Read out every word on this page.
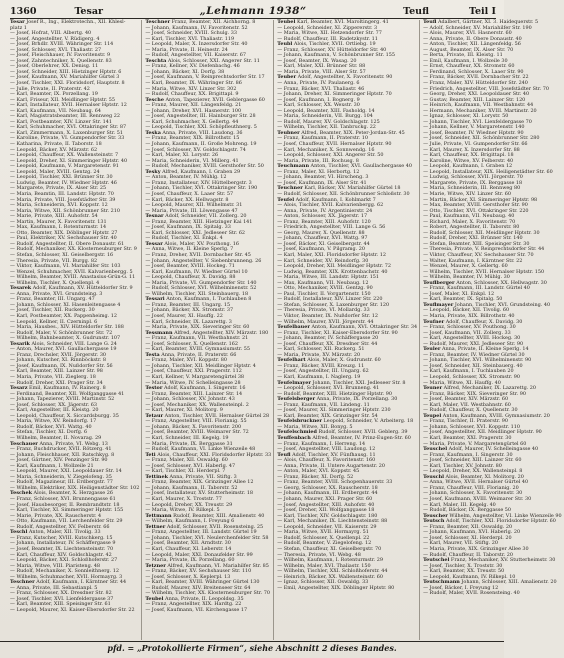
1360	Tesar	„Lehmann 1938“	Teufl	Teil I
Tesar Josef R., Ing., Elektrotechn., XII. Khlesl-
platz 1
— Josef, Hofrat, VIII. Albertg. 40
— Josef, Angestellter, V. Rüdigerg. 4
— Josef, Brhdlr. XVIII. Währinger Str. 114
— Josef, Schlosser, XVI. Thaliastr. 27
— Josef, Fleischhauer, IV. Favoritenstr. 9
— Josef, Zahntechniker, X. Quellenstr. 83
— Josef, Oberlehrer, XX. Denisg. 11
— Josef, Schneider, XIII. Hietzinger Hptstr. 6
— Josef, Kaufmann, XV. Mariahilfer Gürtel 3
— Josef, Tischler, XXI. Floridsdorf, Hauptstr. 8
— Julie, Private, II. Praterstr. 42
— Karl, Beamter, IX. Porzellang. 19
— Karl, Friseur, XII. Meidlinger Hptstr. 55
— Karl, Installateur, XVII. Hernalser Hptstr. 12
— Karl, Kaufmann, VII. Neubaug. 64
— Karl, Magistratsbeamter, III. Rennweg 22
— Karl, Postbeamter, XIV. Linzer Str. 141
— Karl, Schuhmacher, XVI. Ottakringer Str. 87
— Karl, Zimmermann, X. Laxenburger Str. 51
— Karoline, Private, VI. Gumpendorfer Str. 33
— Katharina, Private, II. Taborstr. 18
— Leopold, Bäcker, XV. Märzstr. 62
— Leopold, Chauffeur, XX. Wallensteinstr. 7
— Leopold, Dreher, XI. Simmeringer Hptstr. 40
— Leopold, Kaufmann, V. Margaretenstr. 91
— Leopold, Maler, XVIII. Gentzg. 24
— Leopold, Tischler, XXI. Brünner Str. 30
— Ludwig, Beamter, IV. Wiedner Hptstr. 46
— Margarete, Private, IX. Alser Str. 25
— Maria, Beamtin, III. Landstr. Hptstr. 70
— Maria, Private, VIII. Josefstädter Str. 39
— Maria, Schneiderin, XVI. Koppstr. 12
— Maria, Witwe, XII. Schönbrunner Str. 210
— Marie, Private, XIII. Auhofstr. 54
— Martin, Maurer, X. Favoritenstr. 131
— Max, Kaufmann, I. Rotenturmstr. 14
— Otto, Beamter, XIX. Döblinger Hptstr. 27
— Paul, Elektriker, XV. Sechshauser Str. 40
— Rudolf, Angestellter, II. Obere Donaustr. 61
— Rudolf, Mechaniker, XX. Klosterneuburger Str. 9
— Stefan, Schlosser, XI. Geiselbergstr. 16
— Theresia, Private, VII. Burgg. 82
— Viktor, Kaufmann, VI. Mariahilfer Str. 103
— Wenzel, Schuhmacher, XVII. Kalvarienbergg. 5
— Wilhelm, Beamter, XVIII. Anastasius-Grün-G. 11
— Wilhelm, Tischler, X. Quellenpl. 4
Tesarek Adolf, Kaufmann, XV. Hütteldorfer Str. 9
— Anna, Private, XVI. Grundsteing. 3
— Franz, Beamter, III. Ungarg. 47
— Johann, Schlosser, XI. Hasenleitengasse 4
— Josef, Tischler, XII. Ruckerg. 30
— Karl, Postbeamter, XX. Pappenheimg. 12
— Leopold, Kellner, II. Czerninpl. 6
— Maria, Hausbes., XIV. Hütteldorfer Str. 188
— Rudolf, Maler, V. Schönbrunner Str. 72
— Wilhelm, Bahnbeamter, X. Gudrunstr. 107
Tesarik Alois, Schneider, VIII. Lange G. 24
— Anton, Maurer, XVI. Gaullachergasse 19
— Franz, Drechsler, XVII. Jörgerstr. 30
— Johann, Kutscher, XI. Rinnböckstr. 8
— Josef, Kaufmann, IX. Nußdorfer Str. 56
— Karl, Beamter, XIII. Lainzer Str. 98
— Maria, Private, VII. Zieglerg. 18
— Rudolf, Dreher, XXI. Prager Str. 34
Tesarz Emil, Kaufmann, IV. Rainerg. 8
— Ferdinand, Beamter, XII. Wolfganggasse 41
— Johann, Tapezierer, XVIII. Martinstr. 52
— Josef, Schlosser, XX. Jägerstr. 63
— Karl, Angestellter, III. Kleistg. 20
— Leopold, Chauffeur, X. Siccardsburgg. 35
— Maria, Witwe, XV. Reindorfg. 17
— Rudolf, Bäcker, XVI. Wattg. 40
— Stefan, Tischler, XI. Dorfg. 6
— Wilhelm, Beamter, II. Novarag. 29
Teschauer Anna, Private, VI. Webg. 13
— Franz, Buchdrucker, XVII. Rötzerg. 41
— Johann, Fleischhauer, XII. Ratschkyg. 8
— Josef, Gärtner, XIV. Penzinger Str. 90
— Karl, Kaufmann, I. Wollzeile 21
— Leopold, Maurer, XXI. Leopoldauer Str. 14
— Maria, Schneiderin, V. Ziegelofeng. 35
— Rudolf, Magazineur, III. Erdbergstr. 77
— Wilhelm, Elektriker, XIX. Heiligenstädter Str. 102
Teschek Alois, Beamter, X. Herzgasse 26
— Franz, Schlosser, XVI. Brunnengasse 61
— Josef, Hausbesorger, II. Rembrandtstr. 18
— Karl, Tischler, XI. Simmeringer Hptstr. 155
— Marie, Private, XX. Rauscherstr. 4
— Otto, Kaufmann, VII. Lerchenfelder Str. 29
— Rudolf, Angestellter, XV. Felberstr. 66
Teschl Anton, Maler, XII. Tivolig. 33
— Franz, Kutscher, XVIII. Kutschkerg. 15
— Johann, Installateur, IV. Schäffergasse 9
— Josef, Beamter, IX. Liechtensteinstr. 70
— Karl, Chauffeur, XIV. Goldschlagstr. 42
— Leopold, Bäcker, XXI. Schloßhoferstr. 27
— Maria, Witwe, VIII. Piaristeng. 48
— Rudolf, Mechaniker, X. Sonnleithnerg. 12
— Wilhelm, Schuhmacher, XVII. Hormayrg. 3
Teschner Adolf, Kaufmann, I. Kärntner Str. 44
— Anna, Private, III. Sebastianpl. 5
— Franz, Schlosser, XX. Dresdner Str. 82
— Josef, Tischler, XVI. Lienfeldergasse 37
— Karl, Beamter, XIII. Speisinger Str. 61
— Leopold, Maurer, XI. Kaiser-Ebersdorfer Str. 22
Teschner Franz, Beamter, XII. Aichhorng. 8
— Johann, Kaufmann, IV. Favoritenstr. 52
— Josef, Schneider, XVIII. Schulg. 33
— Karl, Tischler, XVI. Thaliastr. 119
— Leopold, Maler, X. Inzersdorfer Str. 40
— Maria, Private, II. Heinestr. 24
— Rudolf, Angestellter, VII. Kaiserstr. 67
Teschta Alois, Schlosser, XXI. Angerer Str. 11
— Franz, Kellner, XV. Diefenbachg. 46
— Johann, Bäcker, XI. Dorfg. 38
— Josef, Kaufmann, V. Reinprechtsdorfer Str. 17
— Karl, Beamter, IX. Währinger Str. 86
— Maria, Witwe, XIV. Linzer Str. 302
— Rudolf, Chauffeur, XX. Brigittapl. 9
Tesche Anton, Tapezierer, XVII. Geblergasse 60
— Franz, Maurer, XII. Längenfeldg. 21
— Johann, Dreher, XVI. Hasnerstr. 100
— Josef, Angestellter, III. Hainburger Str. 28
— Karl, Schuhmacher, X. Gellertg. 44
— Leopold, Tischler, XXI. Schöpfleuthnerg. 5
Teska Anna, Private, VIII. Laudong. 36
— Franz, Beamter, XIX. Billrothstr. 15
— Johann, Kaufmann, II. Große Mohreng. 19
— Josef, Schlosser, XV. Goldschlagstr. 74
— Karl, Maler, XI. Lorystr. 26
— Maria, Schneiderin, VI. Millerg. 41
— Rudolf, Mechaniker, XVIII. Gersthofer Str. 50
Tesky Alfred, Kaufmann, I. Graben 29
— Anton, Beamter, IV. Mühlg. 12
— Franz, Installateur, XIV. Hüttelbergstr. 3
— Johann, Tischler, XVI. Ottakringer Str. 190
— Josef, Chauffeur, X. Laaer Str. 57
— Karl, Bäcker, XX. Hellwagstr. 8
— Leopold, Maurer, XII. Wilhelmstr. 31
— Maria, Private, III. Löwengasse 47
Tesnar Adolf, Schneider, VII. Zollerg. 20
— Franz, Beamter, XIII. Hietzinger Kai 141
— Josef, Kaufmann, IX. Spitalg. 33
— Karl, Schlosser, XXI. Jedleseer Str. 62
— Rudolf, Tischler, XI. Enkpl. 4
Tessar Alois, Maler, XV. Pouthong. 16
— Anna, Witwe, II. Kleine Sperlg. 7
— Franz, Dreher, XVII. Dornbacher Str. 45
— Johann, Angestellter, V. Siebenbrunneng. 26
— Josef, Beamter, XVIII. Hockeg. 71
— Karl, Kaufmann, IV. Wiedner Gürtel 10
— Leopold, Chauffeur, X. Davidg. 88
— Maria, Private, VI. Gumpendorfer Str. 140
— Rudolf, Schlosser, XVI. Wilhelminenstr. 52
— Wilhelm, Tischler, XII. Steinbauerg. 18
Tessari Anton, Kaufmann, I. Tuchlauben 8
— Franz, Beamter, III. Ungarg. 15
— Johann, Bäcker, XX. Stromstr. 37
— Josef, Maurer, XI. Hauffg. 22
— Karl, Schneider, IX. Lazarettg. 3
— Maria, Private, XIX. Sieveringer Str. 60
Tessmann Alfred, Angestellter, XIV. Märzstr. 180
— Franz, Kaufmann, VII. Westbahnstr. 21
— Josef, Schlosser, X. Quellenstr. 162
— Karl, Beamter, XVIII. Gymnasiumstr. 55
Testa Anna, Private, II. Praterstr. 66
— Franz, Maler, XVI. Koppstr. 80
— Johann, Tischler, XII. Meidlinger Hptstr. 4
— Josef, Chauffeur, XXI. Pragerstr. 112
— Karl, Kellner, V. Margaretengürtel 38
— Maria, Witwe, IV. Schelleingasse 28
Testor Adolf, Kaufmann, I. Singerstr. 16
— Franz, Beamter, XIII. Lainzer Str. 14
— Johann, Schlosser, XV. Johnstr. 43
— Josef, Mechaniker, XX. Wallensteinpl. 2
— Karl, Maurer, XI. Molitorg. 9
Tetaur Anton, Tischler, XVII. Hernalser Gürtel 28
— Franz, Angestellter, VIII. Florianig. 55
— Johann, Bäcker, X. Favoritenstr. 200
— Josef, Beamter, XVIII. Weimarer Str. 72
— Karl, Schneider, III. Kegelg. 19
— Maria, Private, IX. Berggasse 31
— Rudolf, Kaufmann, VI. Linke Wienzeile 48
Teti Alois, Chauffeur, XXI. Floridsdorfer Hptstr. 33
— Franz, Maler, XII. Oswaldg. 60
— Josef, Schlosser, XVI. Haberlg. 47
— Karl, Tischler, XI. Herderpl. 7
Tettinek Anna, Private, VII. Stiftg. 3
— Franz, Beamter, XIX. Grinzinger Allee 12
— Johann, Kaufmann, II. Taborstr. 52
— Josef, Installateur, XV. Stutterheimstr. 18
— Karl, Maurer, X. Troststr. 77
— Leopold, Dreher, XX. Treustr. 29
— Maria, Witwe, IV. Rilkepl. 5
Tettmann Rudolf, Beamter, XIII. Amalienstr. 40
— Wilhelm, Kaufmann, I. Freyung 6
Tettner Adolf, Schlosser, XVII. Rosensteing. 25
— Franz, Angestellter, III. Landstr. Gürtel 19
— Johann, Tischler, XVI. Neulerchenfelder Str. 58
— Josef, Beamter, XII. Arndtstr. 30
— Karl, Chauffeur, XI. Leberstr. 14
— Leopold, Maler, XXI. Donaufelder Str. 99
— Maria, Private, IX. Porzellang. 60
Tetzner Alfred, Kaufmann, VI. Mariahilfer Str. 85
— Franz, Bäcker, XV. Sechshauser Str. 110
— Josef, Schlosser, X. Keplerpl. 13
— Karl, Beamter, XVIII. Währinger Gürtel 130
— Rudolf, Maurer, XIV. Breitenseer Str. 64
— Wilhelm, Tischler, XX. Klosterneuburger Str. 70
Teubel Anna, Private, II. Leopoldsg. 35
— Franz, Angestellter, XIX. Hardtg. 22
— Josef, Kaufmann, VII. Kirchengasse 17
Teubel Karl, Beamter, XVI. Maroltingerg. 41
— Leopold, Schneider, XI. Zippererstr. 3
— Maria, Witwe, XII. Hetzendorfer Str. 77
— Rudolf, Chauffeur, III. Radetzkystr. 11
Teubl Alois, Tischler, XVII. Ortliebg. 19
— Franz, Schlosser, XV. Hütteldorfer Str. 40
— Johann, Kaufmann, V. Schönbrunner Str. 155
— Josef, Beamter, IX. Wasag. 20
— Karl, Maler, XXI. Brünner Str. 88
— Maria, Private, VIII. Alser Str. 57
Teuber Adolf, Angestellter, X. Favoritenstr. 90
— Anna, Private, IV. Paulanerg. 6
— Franz, Bäcker, XVI. Thaliastr. 46
— Johann, Dreher, XI. Simmeringer Hptstr. 70
— Josef, Kaufmann, I. Bognerg. 9
— Karl, Schlosser, XX. Wexstr. 30
— Leopold, Beamter, XIII. Fasholdg. 14
— Maria, Schneiderin, VII. Burgg. 104
— Rudolf, Maurer, XV. Goldschlagstr. 125
— Wilhelm, Tischler, XII. Tanbruckg. 22
Teubner Alfred, Beamter, XIX. Peter-Jordan-Str. 45
— Franz, Kaufmann, II. Praterstr. 10
— Josef, Chauffeur, XVII. Hernalser Hptstr. 90
— Karl, Mechaniker, X. Sonnwendg. 16
— Leopold, Schlosser, XXI. Angerer Str. 50
— Maria, Private, III. Rochusg. 8
Teuchmann Anton, Tischler, XVI. Gaullachergasse 40
— Franz, Maler, XI. Herbortg. 12
— Johann, Beamter, VI. Hirscheng. 3
— Josef, Kaufmann, IX. Alser Str. 41
Teuchner Karl, Bäcker, XV. Mariahilfer Gürtel 18
— Rudolf, Schlosser, XII. Schönbrunner Schloßstr. 30
Teufel Adolf, Kaufmann, I. Kohlmarkt 7
— Alois, Tischler, XVII. Kalvarienbergg. 62
— Anna, Private, IV. Argentinierstr. 24
— Anton, Schlosser, XX. Jägerstr. 17
— Franz, Beamter, XIII. Auhofstr. 120
— Friedrich, Angestellter, VIII. Lange G. 56
— Georg, Maurer, X. Quellenstr. 88
— Johann, Chauffeur, XVI. Wattg. 97
— Josef, Bäcker, XI. Geiselbergstr. 44
— Josef, Kaufmann, V. Pilgramg. 20
— Karl, Maler, XXI. Floridsdorfer Hptstr. 12
— Karl, Schneider, XV. Reindorfg. 30
— Leopold, Dreher, XII. Meidlinger Hptstr. 72
— Ludwig, Beamter, XIX. Krottenbachstr. 40
— Maria, Witwe, III. Landstr. Hptstr. 151
— Max, Kaufmann, VII. Neubaug. 12
— Otto, Mechaniker, XVIII. Gentzg. 90
— Paul, Tischler, II. Vorgartenstr. 150
— Rudolf, Installateur, XIV. Linzer Str. 220
— Stefan, Schlosser, X. Laxenburger Str. 120
— Theresia, Private, VI. Mollardg. 33
— Viktor, Beamter, IX. Nußdorfer Str. 12
— Wilhelm, Maurer, XVII. Jörgerstr. 44
Teufelbauer Anton, Kaufmann, XVI. Ottakringer Str. 34
— Franz, Tischler, XI. Kaiser-Ebersdorfer Str. 90
— Johann, Beamter, IV. Schäffergasse 20
— Josef, Chauffeur, XX. Dresdner Str. 44
— Karl, Schlosser, XII. Ruckerg. 51
— Maria, Private, XV. Märzstr. 20
Teufelhart Alois, Maler, X. Gudrunstr. 60
— Franz, Bäcker, XVIII. Kreuzg. 11
— Josef, Angestellter, III. Ungarg. 62
— Karl, Kaufmann, I. Naglerg. 19
Teufelmayer Johann, Tischler, XXI. Jedleseer Str. 8
— Leopold, Schlosser, XVI. Brunneng. 41
— Rudolf, Beamter, XIII. Hietzinger Hptstr. 90
Teufelsberger Anna, Private, IX. Porzellang. 30
— Franz, Kaufmann, VII. Lindeng. 11
— Josef, Maurer, XI. Simmeringer Hptstr. 230
— Karl, Beamter, XIX. Grinzinger Str. 54
Teufelsbruckner Leopold, Schneider, V. Arbeiterg. 18
— Maria, Witwe, XII. Bonyg. 5
Teufelschmied Rudolf, Schlosser, XVII. Geblerg. 39
Teuffenbach Alfred, Beamter, IV. Prinz-Eugen-Str. 60
— Franz, Kaufmann, I. Herreng. 14
— Josef, Angestellter, VIII. Laudong. 12
Teufl Adolf, Tischler, XV. Fünfhausg. 11
— Alois, Chauffeur, X. Favoritenstr. 160
— Anna, Private, II. Untere Augartenstr. 20
— Anton, Maler, XVI. Koppstr. 45
— Franz, Bäcker, XI. Dorfg. 52
— Franz, Beamter, XVIII. Schopenhauerstr. 33
— Georg, Schlosser, XX. Rauscherstr. 18
— Johann, Kaufmann, III. Erdbergstr. 44
— Johann, Maurer, XXI. Prager Str. 60
— Josef, Angestellter, XIII. Auhofstr. 40
— Josef, Dreher, XII. Wolfganggasse 18
— Karl, Tischler, XIV. Goldschlagstr. 180
— Karl, Mechaniker, IX. Liechtensteinstr. 88
— Leopold, Schneider, VII. Kaiserstr. 29
— Maria, Witwe, XVII. Hormayrg. 51
— Rudolf, Schlosser, X. Quellenpl. 22
— Rudolf, Beamter, V. Ziegelofeng. 12
— Stefan, Chauffeur, XI. Geiselbergstr. 70
— Theresia, Private, VI. Webg. 48
— Wilhelm, Kaufmann, I. Rotenturmstr. 29
— Wilhelm, Maler, XVI. Thaliastr. 150
— Wilhelm, Tischler, XXI. Schloßhoferstr. 44
— Heinrich, Bäcker, XX. Wallensteinstr. 60
— Ignaz, Schlosser, XII. Oswaldg. 33
— Emil, Angestellter, XIX. Döblinger Hptstr. 80
Teufl Adalbert, Gärtner, XI. 3. Haidequerstr. 5
— Adolf, Schneider, XV. Mariahilfer Str. 190
— Alois, Maurer, XVI. Hasnerstr. 60
— Anna, Private, II. Obere Donaustr. 40
— Anton, Tischler, XII. Längenfeldg. 56
— August, Beamter, IX. Alser Str. 70
— Berta, Private, III. Kleistg. 11
— Emil, Kaufmann, I. Wollzeile 30
— Ernst, Chauffeur, XX. Stromstr. 60
— Ferdinand, Schlosser, X. Laaer Str. 90
— Franz, Bäcker, XVII. Dornbacher Str. 22
— Franz, Maler, XIV. Hütteldorfer Str. 240
— Friedrich, Angestellter, VIII. Josefstädter Str. 70
— Georg, Dreher, XXI. Leopoldauer Str. 40
— Gustav, Beamter, XIII. Lainzer Str. 120
— Heinrich, Kaufmann, VII. Westbahnstr. 44
— Hermann, Mechaniker, XVIII. Martinstr. 20
— Ignaz, Schlosser, XI. Lorystr. 50
— Johann, Tischler, XVI. Lienfeldergasse 70
— Johann, Kellner, V. Margaretenstr. 140
— Josef, Beamter, IV. Wiedner Hptstr. 90
— Josef, Schneider, XII. Schönbrunner Str. 280
— Julie, Private, VI. Gumpendorfer Str. 66
— Karl, Maurer, X. Inzersdorfer Str. 88
— Karl, Chauffeur, XX. Brigittapl. 18
— Karoline, Witwe, XV. Felberstr. 40
— Leopold, Kaufmann, I. Graben 12
— Leopold, Installateur, XIX. Heiligenstädter Str. 60
— Ludwig, Schlosser, XVII. Jörgerstr. 70
— Margarete, Private, IX. Berggasse 18
— Maria, Schneiderin, III. Rennweg 80
— Marie, Witwe, XIV. Linzer Str. 60
— Martin, Bäcker, XI. Simmeringer Hptstr. 98
— Max, Beamter, XVIII. Gersthofer Str. 90
— Otto, Tischler, XVI. Ottakringer Str. 220
— Paul, Kaufmann, VII. Neubaug. 40
— Richard, Maler, X. Favoritenstr. 70
— Robert, Angestellter, II. Taborstr. 80
— Rudolf, Schlosser, XII. Meidlinger Hptstr. 30
— Rudolf, Dreher, XXI. Brünner Str. 140
— Stefan, Beamter, XIII. Speisinger Str. 30
— Theresia, Private, V. Reinprechtsdorfer Str. 44
— Viktor, Chauffeur, XV. Sechshauser Str. 70
— Walter, Kaufmann, I. Kärntner Str. 22
— Wenzel, Maurer, X. Gellertg. 60
— Wilhelm, Tischler, XVII. Hernalser Hptstr. 150
— Wilhelm, Beamter, IV. Mühlg. 30
Teuflberger Anton, Schlosser, XX. Hellwagstr. 30
— Franz, Kaufmann, III. Landstr. Gürtel 40
— Josef, Maler, XI. Enkpl. 12
— Karl, Beamter, IX. Spitalg. 50
Teuflmayer Johann, Tischler, XVI. Grundsteing. 40
— Leopold, Bäcker, XII. Tivolig. 60
— Maria, Private, XIX. Billrothstr. 40
Teufner Adolf, Chauffeur, X. Davidg. 30
— Franz, Schlosser, XV. Pouthong. 30
— Josef, Kaufmann, VII. Zollerg. 33
— Karl, Angestellter, XVIII. Hockeg. 30
— Rudolf, Maurer, XXI. Jedleseer Str. 90
Teuler Anna, Private, II. Kleine Sperlg. 14
— Franz, Beamter, IV. Wiedner Gürtel 30
— Johann, Tischler, XVI. Wilhelminenstr. 90
— Josef, Schneider, XII. Steinbauerg. 40
— Karl, Kaufmann, I. Tuchlauben 20
— Leopold, Schlosser, XX. Stromstr. 90
— Maria, Witwe, XI. Hauffg. 40
Teuner Alfred, Mechaniker, IX. Lazarettg. 20
— Franz, Bäcker, XIX. Sieveringer Str. 90
— Josef, Beamter, XIV. Märzstr. 60
— Karl, Maler, VII. Westbahnstr. 60
— Rudolf, Chauffeur, X. Quellenstr. 30
Teupel Anton, Kaufmann, XVIII. Gymnasiumstr. 20
— Franz, Tischler, II. Praterstr. 90
— Johann, Schlosser, XVI. Koppstr. 110
— Josef, Angestellter, XII. Meidlinger Hptstr. 90
— Karl, Beamter, XXI. Pragerstr. 30
— Maria, Private, V. Margaretengürtel 60
Teuschel Adolf, Maurer, IV. Schelleingasse 40
— Franz, Kaufmann, I. Singerstr. 30
— Josef, Schneider, XIII. Lainzer Str. 60
— Karl, Tischler, XV. Johnstr. 80
— Leopold, Dreher, XX. Wallensteinpl. 8
Teuschl Alois, Beamter, XI. Molitorg. 20
— Anna, Witwe, XVII. Hernalser Gürtel 40
— Franz, Chauffeur, VIII. Florianig. 20
— Johann, Schlosser, X. Favoritenstr. 30
— Josef, Kaufmann, XVIII. Weimarer Str. 30
— Karl, Maler, III. Kegelg. 40
— Rudolf, Bäcker, IX. Berggasse 50
Teuscher Wilhelm, Angestellter, VI. Linke Wienzeile 90
Teutsch Adolf, Tischler, XXI. Floridsdorfer Hptstr. 60
— Franz, Beamter, XII. Oswaldg. 20
— Johann, Kaufmann, XVI. Haberlg. 20
— Josef, Schlosser, XI. Herderpl. 20
— Karl, Maurer, VII. Stiftg. 20
— Maria, Private, XIX. Grinzinger Allee 30
— Rudolf, Chauffeur, II. Taborstr. 20
Teutschel Franz, Mechaniker, XV. Stutterheimstr. 30
— Josef, Tischler, X. Troststr. 30
— Karl, Beamter, XX. Treustr. 50
— Leopold, Kaufmann, IV. Rilkepl. 10
Teutschmann Johann, Schlosser, XIII. Amalienstr. 20
— Josef, Bäcker, I. Freyung 12
— Rudolf, Maler, XVII. Rosensteing. 40
pfd. = „Protokollierte Firmen“, siehe Abschnitt 2 dieses Bandes.
